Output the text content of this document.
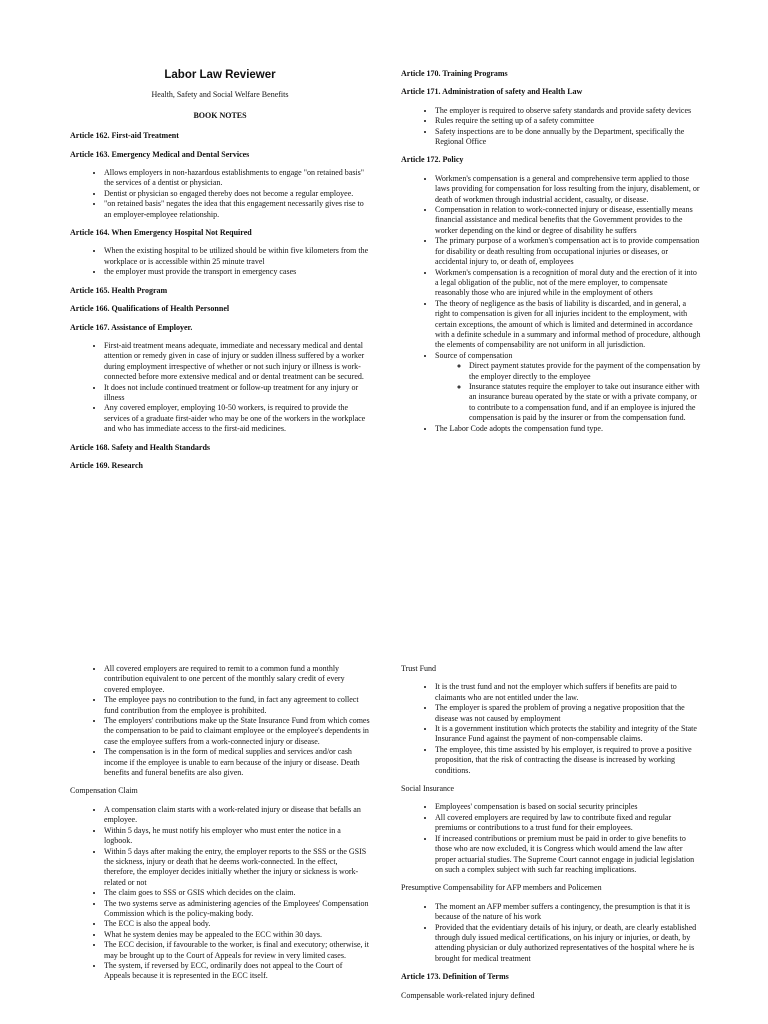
Labor Law Reviewer

Health, Safety and Social Welfare Benefits

BOOK NOTES

Article 162. First-aid Treatment

Article 163. Emergency Medical and Dental Services

• Allows employers in non-hazardous establishments to engage "on retained basis" the services of a dentist or physician.
• Dentist or physician so engaged thereby does not become a regular employee.
• "on retained basis" negates the idea that this engagement necessarily gives rise to an employer-employee relationship.

Article 164. When Emergency Hospital Not Required

• When the existing hospital to be utilized should be within five kilometers from the workplace or is accessible within 25 minute travel
• the employer must provide the transport in emergency cases

Article 165. Health Program

Article 166. Qualifications of Health Personnel

Article 167. Assistance of Employer.

• First-aid treatment means adequate, immediate and necessary medical and dental attention or remedy given in case of injury or sudden illness suffered by a worker during employment irrespective of whether or not such injury or illness is work-connected before more extensive medical and or dental treatment can be secured.
• It does not include continued treatment or follow-up treatment for any injury or illness
• Any covered employer, employing 10-50 workers, is required to provide the services of a graduate first-aider who may be one of the workers in the workplace and who has immediate access to the first-aid medicines.

Article 168. Safety and Health Standards

Article 169. Research

Article 170. Training Programs

Article 171. Administration of safety and Health Law

• The employer is required to observe safety standards and provide safety devices
• Rules require the setting up of a safety committee
• Safety inspections are to be done annually by the Department, specifically the Regional Office

Article 172. Policy

• Workmen's compensation is a general and comprehensive term applied to those laws providing for compensation for loss resulting from the injury, disablement, or death of workmen through industrial accident, casualty, or disease.
• Compensation in relation to work-connected injury or disease, essentially means financial assistance and medical benefits that the Government provides to the worker depending on the kind or degree of disability he suffers
• The primary purpose of a workmen's compensation act is to provide compensation for disability or death resulting from occupational injuries or diseases, or accidental injury to, or death of, employees
• Workmen's compensation is a recognition of moral duty and the erection of it into a legal obligation of the public, not of the mere employer, to compensate reasonably those who are injured while in the employment of others
• The theory of negligence as the basis of liability is discarded, and in general, a right to compensation is given for all injuries incident to the employment, with certain exceptions, the amount of which is limited and determined in accordance with a definite schedule in a summary and informal method of procedure, although the elements of compensability are not uniform in all jurisdiction.
• Source of compensation
◦ Direct payment statutes provide for the payment of the compensation by the employer directly to the employee
◦ Insurance statutes require the employer to take out insurance either with an insurance bureau operated by the state or with a private company, or to contribute to a compensation fund, and if an employee is injured the compensation is paid by the insurer or from the compensation fund.
• The Labor Code adopts the compensation fund type.
• All covered employers are required to remit to a common fund a monthly contribution equivalent to one percent of the monthly salary credit of every covered employee.
• The employee pays no contribution to the fund, in fact any agreement to collect fund contribution from the employee is prohibited.
• The employers' contributions make up the State Insurance Fund from which comes the compensation to be paid to claimant employee or the employee's dependents in case the employee suffers from a work-connected injury or disease.
• The compensation is in the form of medical supplies and services and/or cash income if the employee is unable to earn because of the injury or disease. Death benefits and funeral benefits are also given.

Compensation Claim

• A compensation claim starts with a work-related injury or disease that befalls an employee.
• Within 5 days, he must notify his employer who must enter the notice in a logbook.
• Within 5 days after making the entry, the employer reports to the SSS or the GSIS the sickness, injury or death that he deems work-connected. In the effect, therefore, the employer decides initially whether the injury or sickness is work-related or not
• The claim goes to SSS or GSIS which decides on the claim.
• The two systems serve as administering agencies of the Employees' Compensation Commission which is the policy-making body.
• The ECC is also the appeal body.
• What he system denies may be appealed to the ECC within 30 days.
• The ECC decision, if favourable to the worker, is final and executory; otherwise, it may be brought up to the Court of Appeals for review in very limited cases.
• The system, if reversed by ECC, ordinarily does not appeal to the Court of Appeals because it is represented in the ECC itself.

Trust Fund

• It is the trust fund and not the employer which suffers if benefits are paid to claimants who are not entitled under the law.
• The employer is spared the problem of proving a negative proposition that the disease was not caused by employment
• It is a government institution which protects the stability and integrity of the State Insurance Fund against the payment of non-compensable claims.
• The employee, this time assisted by his employer, is required to prove a positive proposition, that the risk of contracting the disease is increased by working conditions.

Social Insurance

• Employees' compensation is based on social security principles
• All covered employers are required by law to contribute fixed and regular premiums or contributions to a trust fund for their employees.
• If increased contributions or premium must be paid in order to give benefits to those who are now excluded, it is Congress which would amend the law after proper actuarial studies. The Supreme Court cannot engage in judicial legislation on such a complex subject with such far reaching implications.

Presumptive Compensability for AFP members and Policemen

• The moment an AFP member suffers a contingency, the presumption is that it is because of the nature of his work
• Provided that the evidentiary details of his injury, or death, are clearly established through duly issued medical certifications, on his injury or injuries, or death, by attending physician or duly authorized representatives of the hospital where he is brought for medical treatment

Article 173. Definition of Terms

Compensable work-related injury defined
